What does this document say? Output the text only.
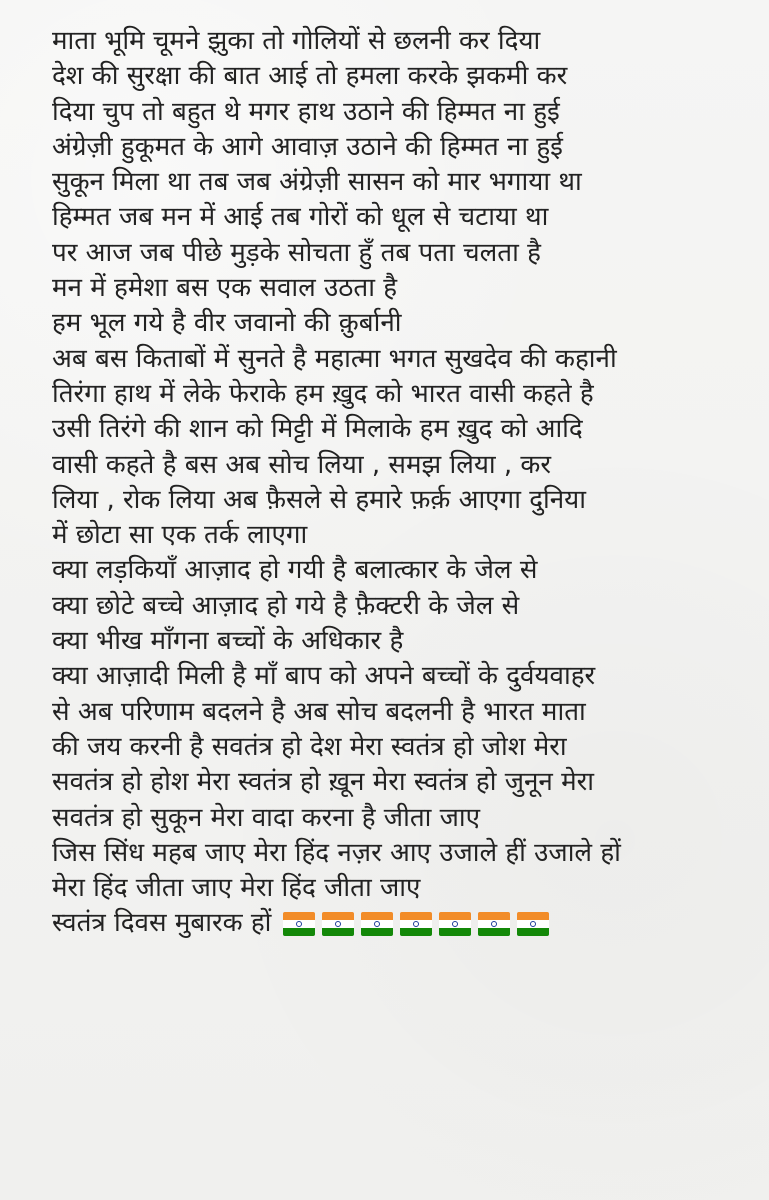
माता भूमि चूमने झुका तो गोलियों से छलनी कर दिया
देश की सुरक्षा की बात आई तो हमला करके झकमी कर
दिया चुप तो बहुत थे मगर हाथ उठाने की हिम्मत ना हुई
अंग्रेज़ी हुकूमत के आगे आवाज़ उठाने की हिम्मत ना हुई
सुकून मिला था तब जब अंग्रेज़ी सासन को मार भगाया था
हिम्मत जब मन में आई तब गोरों को धूल से चटाया था
पर आज जब पीछे मुड़के सोचता हुँ तब पता चलता है
मन में हमेशा बस एक सवाल उठता है
हम भूल गये है वीर जवानो की क़ुर्बानी
अब बस किताबों में सुनते है महात्मा भगत सुखदेव की कहानी
तिरंगा हाथ में लेके फेराके हम ख़ुद को भारत वासी कहते है
उसी तिरंगे की शान को मिट्टी में मिलाके हम ख़ुद को आदि
वासी कहते है बस अब सोच लिया , समझ लिया , कर
लिया , रोक लिया अब फ़ैसले से हमारे फ़र्क़ आएगा दुनिया
में छोटा सा एक तर्क लाएगा
क्या लड़कियाँ आज़ाद हो गयी है बलात्कार के जेल से
क्या छोटे बच्चे आज़ाद हो गये है फ़ैक्टरी के जेल से
क्या भीख माँगना बच्चों के अधिकार है
क्या आज़ादी मिली है माँ बाप को अपने बच्चों के दुर्वयवाहर
से अब परिणाम बदलने है अब सोच बदलनी है भारत माता
की जय करनी है सवतंत्र हो देश मेरा स्वतंत्र हो जोश मेरा
सवतंत्र हो होश मेरा स्वतंत्र हो ख़ून मेरा स्वतंत्र हो जुनून मेरा
सवतंत्र हो सुकून मेरा वादा करना है जीता जाए
जिस सिंध महब जाए मेरा हिंद नज़र आए उजाले हीं उजाले हों
मेरा हिंद जीता जाए मेरा हिंद जीता जाए
स्वतंत्र दिवस मुबारक हों
